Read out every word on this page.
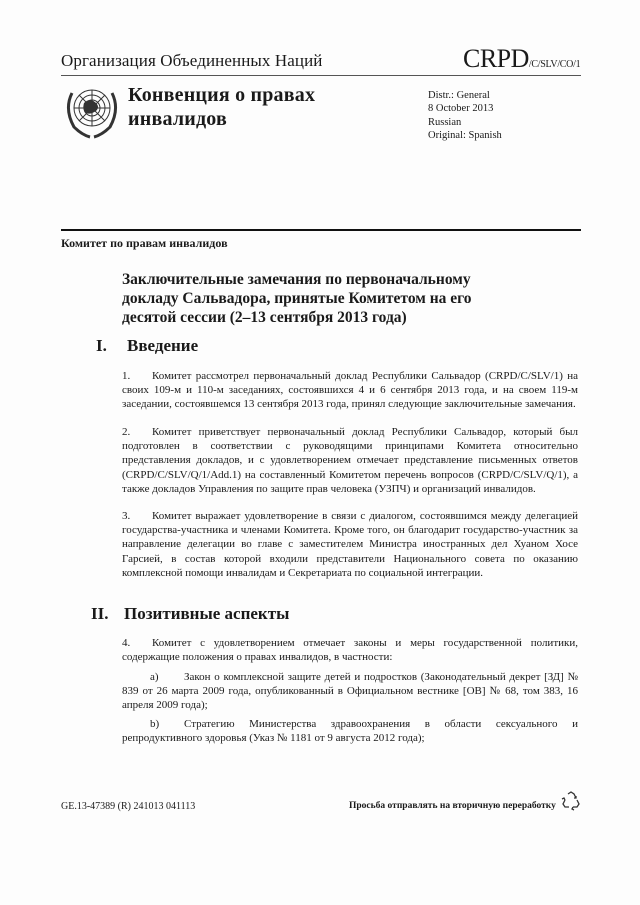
Организация Объединенных Наций	CRPD/C/SLV/CO/1
Конвенция о правах
инвалидов
Distr.: General
8 October 2013
Russian
Original: Spanish
Комитет по правам инвалидов
Заключительные замечания по первоначальному
докладу Сальвадора, принятые Комитетом на его
десятой сессии (2–13 сентября 2013 года)
I. Введение
1. Комитет рассмотрел первоначальный доклад Республики Сальвадор (CRPD/C/SLV/1) на своих 109-м и 110-м заседаниях, состоявшихся 4 и 6 сентября 2013 года, и на своем 119-м заседании, состоявшемся 13 сентября 2013 года, принял следующие заключительные замечания.
2. Комитет приветствует первоначальный доклад Республики Сальвадор, который был подготовлен в соответствии с руководящими принципами Комитета относительно представления докладов, и с удовлетворением отмечает представление письменных ответов (CRPD/C/SLV/Q/1/Add.1) на составленный Комитетом перечень вопросов (CRPD/C/SLV/Q/1), а также докладов Управления по защите прав человека (УЗПЧ) и организаций инвалидов.
3. Комитет выражает удовлетворение в связи с диалогом, состоявшимся между делегацией государства-участника и членами Комитета. Кроме того, он благодарит государство-участник за направление делегации во главе с заместителем Министра иностранных дел Хуаном Хосе Гарсией, в состав которой входили представители Национального совета по оказанию комплексной помощи инвалидам и Секретариата по социальной интеграции.
II. Позитивные аспекты
4. Комитет с удовлетворением отмечает законы и меры государственной политики, содержащие положения о правах инвалидов, в частности:
a) Закон о комплексной защите детей и подростков (Законодательный декрет [ЗД] № 839 от 26 марта 2009 года, опубликованный в Официальном вестнике [ОВ] № 68, том 383, 16 апреля 2009 года);
b) Стратегию Министерства здравоохранения в области сексуального и репродуктивного здоровья (Указ № 1181 от 9 августа 2012 года);
GE.13-47389 (R) 241013 041113	Просьба отправлять на вторичную переработку
